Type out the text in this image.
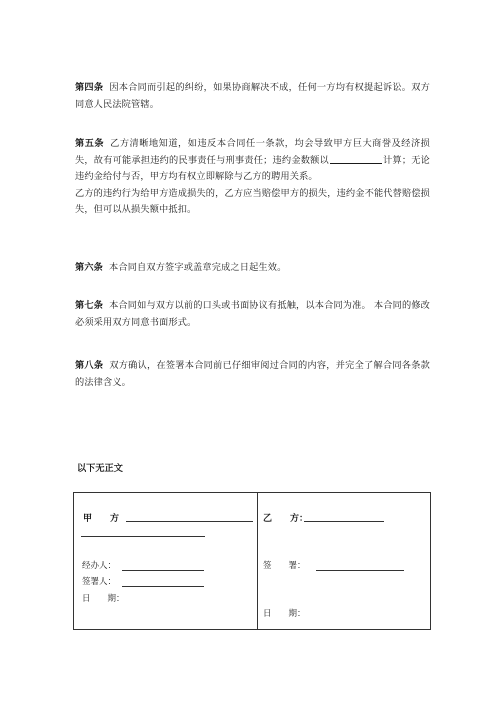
第四条 因本合同而引起的纠纷，如果协商解决不成，任何一方均有权提起诉讼。双方同意人民法院管辖。

第五条 乙方清晰地知道，如违反本合同任一条款，均会导致甲方巨大商誉及经济损失，故有可能承担违约的民事责任与刑事责任；违约金数额以	计算；无论违约金给付与否，甲方均有权立即解除与乙方的聘用关系。
乙方的违约行为给甲方造成损失的，乙方应当赔偿甲方的损失，违约金不能代替赔偿损失，但可以从损失额中抵扣。

第六条 本合同自双方签字或盖章完成之日起生效。

第七条 本合同如与双方以前的口头或书面协议有抵触，以本合同为准。 本合同的修改必须采用双方同意书面形式。

第八条 双方确认，在签署本合同前已仔细审阅过合同的内容，并完全了解合同各条款的法律含义。

以下无正文
甲　　方
经办人：
签署人：
日　　期：
乙　　方：
签　　署：
日　　期：
